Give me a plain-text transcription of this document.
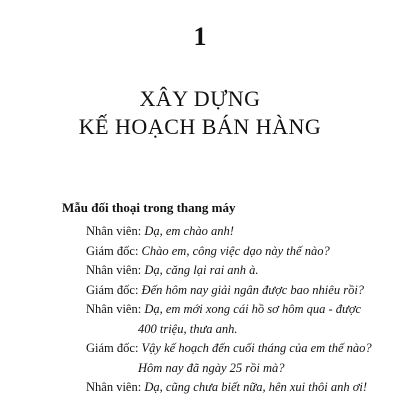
1
XÂY DỰNG
KẾ HOẠCH BÁN HÀNG
Mẫu đối thoại trong thang máy
Nhân viên: Dạ, em chào anh!
Giám đốc: Chào em, công việc dạo này thế nào?
Nhân viên: Dạ, căng lại rai anh à.
Giám đốc: Đến hôm nay giải ngân được bao nhiêu rồi?
Nhân viên: Dạ, em mới xong cái hồ sơ hôm qua - được
400 triệu, thưa anh.
Giám đốc: Vậy kế hoạch đến cuối tháng của em thế nào?
Hôm nay đã ngày 25 rồi mà?
Nhân viên: Dạ, cũng chưa biết nữa, hên xui thôi anh ơi!
